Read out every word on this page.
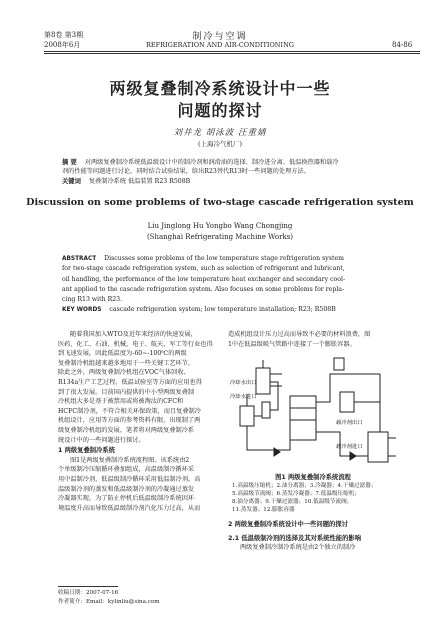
第8卷 第3期
2008年6月
制冷与空调
REFRIGERATION AND AIR-CONDITIONING	84-86
两级复叠制冷系统设计中一些
问题的探讨
刘井龙 胡泳波 汪重婧
(上海冷气机厂)
摘 要 对两级复叠制冷系统低温级设计中的制冷剂和润滑油的选择、制冷进分离、低温换热器和载冷
剂的性能等问题进行讨论，同时结合试验结果，给出R23替代R13时一些问题的处理方法。
关键词 复叠制冷系统 低温装置 R23 R508B
Discussion on some problems of two-stage cascade refrigeration system
Liu Jinglong Hu Yongbo Wang Chongjing
(Shanghai Refrigerating Machine Works)
ABSTRACT Discusses some problems of the low temperature stage refrigeration system
for two-stage cascade refrigeration system, such as selection of refrigerant and lubricant,
oil handling, the performance of the low temperature heat exchanger and secondary cool-
ant applied to the cascade refrigeration system. Also focuses on some problems for repla-
cing R13 with R23.
KEY WORDS cascade refrigeration system; low temperature installation; R23; R508B
随着我国加入WTO及近年来经济的快速发展，
医药、化工、石油、机械、电子、航天、军工等行业也得
到飞速发展，因此低温度为-60~-100℃的两级
复叠制冷机组越来越多地用于一些关键工艺环节，
除此之外，两级复叠制冷机组在VOC气体回收、
R134a生产工艺过程、低温试验室等方面的应用也得
到了很大发展。目前国内提供的中小型两级复叠制
冷机组大多是基于被禁用或将被淘汰的CFC和
HCFC制冷剂，不符合相关环保政策，而且复叠制冷
机组设计，应用等方面的参考资料有限，出现制了两
级复叠制冷机组的发展。笔者将对两级复叠制冷系
统设计中的一些问题进行探讨。
1 两级复叠制冷系统
图1是两级复叠制冷系统流程图。该系统由2
个单级制冷压缩循环叠加组成，高温级制冷循环采
用中温制冷剂，低温级制冷循环采用低温制冷剂。高
温级制冷剂的蒸发和低温级制冷剂的冷凝通过蒸发
冷凝器实现。为了防止停机后低温级制冷系统因环
境温度升高而导致低温级制冷剂汽化压力过高，从而
收稿日期：2007-07-16
作者简介：Email：kylinliu@sina.com
造成机组设计压力过高而导致不必要的材料浪费，图
1中在低温级吸气管路中连接了一个膨胀容器。
冷却水出口
冷却水进口
载冷剂出口
载冷剂进口
图1 两级复叠制冷系统流程
1.高温级压缩机；2.油分离器；3.冷凝器；4.干燥过滤器；
5.高温级节流阀；6.蒸发冷凝器；7.低温级压缩机；
8.油分离器；9.干燥过滤器；10.低温级节流阀；
11.蒸发器；12.膨胀容器
2 两级复叠制冷系统设计中一些问题的探讨
2.1 低温级制冷剂的选择及其对系统性能的影响
两级复叠制冷制冷系统是由2个独立的制冷
